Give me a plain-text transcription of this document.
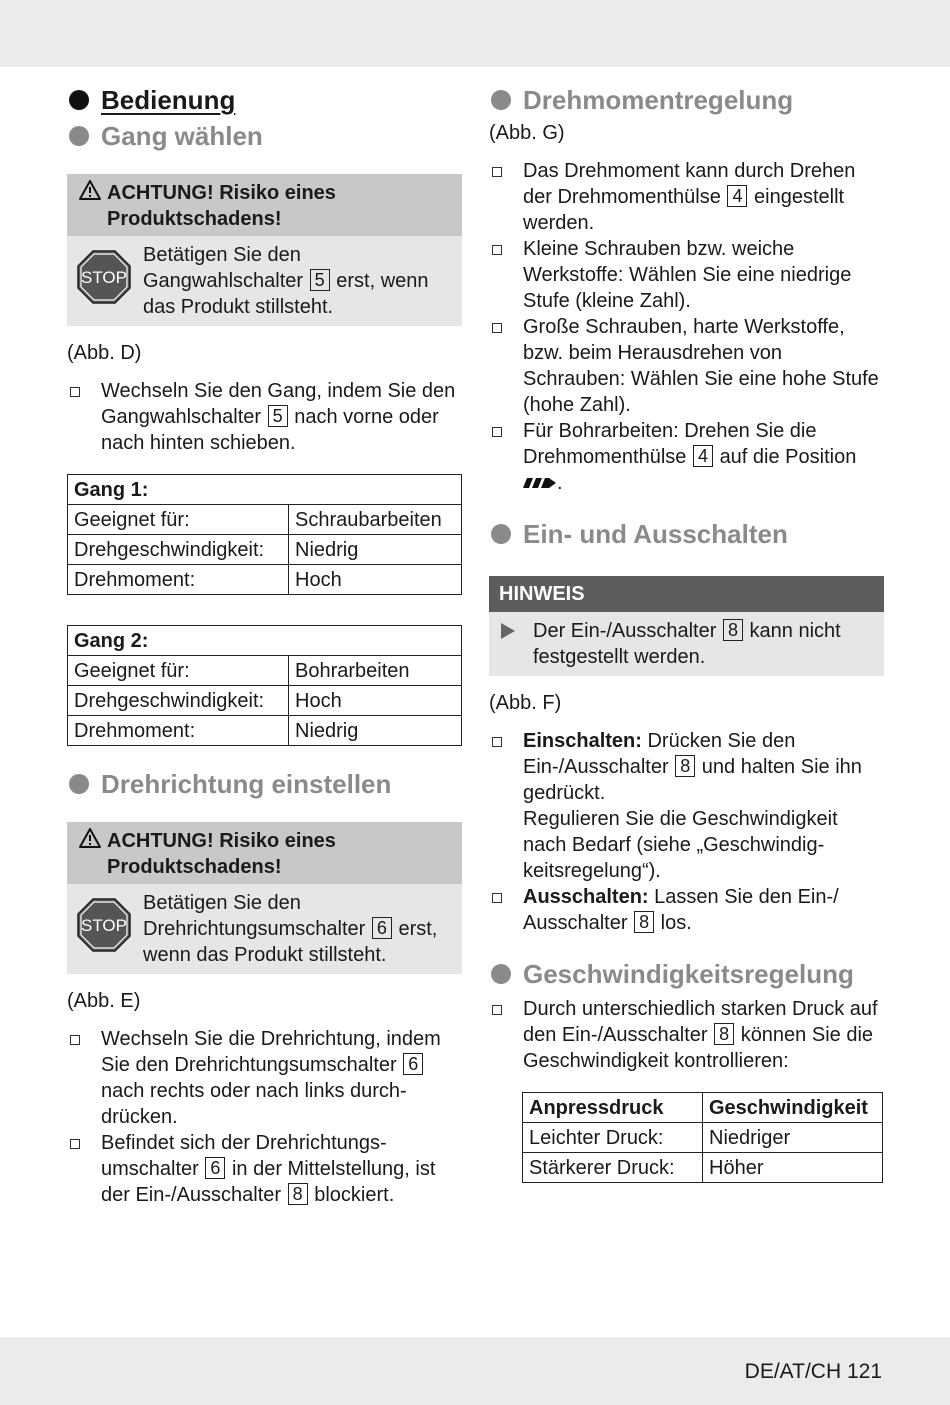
Bedienung
Gang wählen
ACHTUNG! Risiko eines
Produktschadens!
STOP
Betätigen Sie den Gangwahlschalter 5 erst, wenn das Produkt stillsteht.
(Abb. D)
Wechseln Sie den Gang, indem Sie den Gangwahlschalter 5 nach vorne oder nach hinten schieben.
Gang 1:	
Geeignet für:	Schraubarbeiten
Drehgeschwindigkeit:	Niedrig
Drehmoment:	Hoch
Gang 2:	
Geeignet für:	Bohrarbeiten
Drehgeschwindigkeit:	Hoch
Drehmoment:	Niedrig
Drehrichtung einstellen
ACHTUNG! Risiko eines
Produktschadens!
STOP
Betätigen Sie den Drehrichtungsumschalter 6 erst, wenn das Produkt stillsteht.
(Abb. E)
Wechseln Sie die Drehrichtung, indem Sie den Drehrichtungsumschalter 6 nach rechts oder nach links durch-drücken.
Befindet sich der Drehrichtungs-umschalter 6 in der Mittelstellung, ist der Ein-/Ausschalter 8 blockiert.
Drehmomentregelung
(Abb. G)
Das Drehmoment kann durch Drehen der Drehmomenthülse 4 eingestellt werden.
Kleine Schrauben bzw. weiche Werkstoffe: Wählen Sie eine niedrige Stufe (kleine Zahl).
Große Schrauben, harte Werkstoffe, bzw. beim Herausdrehen von Schrauben: Wählen Sie eine hohe Stufe (hohe Zahl).
Für Bohrarbeiten: Drehen Sie die Drehmomenthülse 4 auf die Position
.
Ein- und Ausschalten
HINWEIS
Der Ein-/Ausschalter 8 kann nicht festgestellt werden.
(Abb. F)
Einschalten: Drücken Sie den Ein-/Ausschalter 8 und halten Sie ihn gedrückt.
Regulieren Sie die Geschwindigkeit nach Bedarf (siehe „Geschwindig-keitsregelung“).
Ausschalten: Lassen Sie den Ein-/ Ausschalter 8 los.
Geschwindigkeitsregelung
Durch unterschiedlich starken Druck auf den Ein-/Ausschalter 8 können Sie die Geschwindigkeit kontrollieren:
Anpressdruck	Geschwindigkeit
Leichter Druck:	Niedriger
Stärkerer Druck:	Höher
DE/AT/CH 121
